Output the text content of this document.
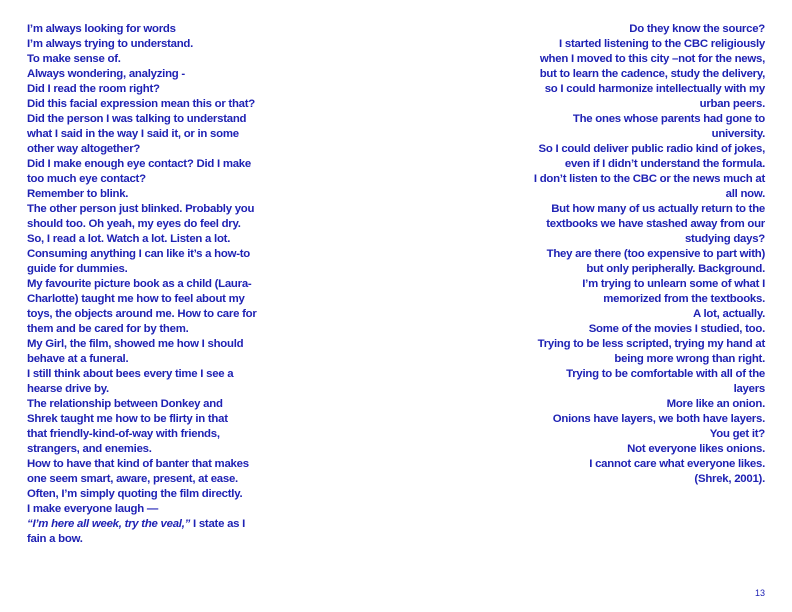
I’m always looking for words
I’m always trying to understand.
To make sense of.
Always wondering, analyzing -
Did I read the room right?
Did this facial expression mean this or that?
Did the person I was talking to understand
what I said in the way I said it, or in some
other way altogether?
Did I make enough eye contact? Did I make
too much eye contact?
Remember to blink.
The other person just blinked. Probably you
should too. Oh yeah, my eyes do feel dry.
So, I read a lot. Watch a lot. Listen a lot.
Consuming anything I can like it’s a how-to
guide for dummies.
My favourite picture book as a child (Laura-
Charlotte) taught me how to feel about my
toys, the objects around me. How to care for
them and be cared for by them.
My Girl, the film, showed me how I should
behave at a funeral.
I still think about bees every time I see a
hearse drive by.
The relationship between Donkey and
Shrek taught me how to be flirty in that
that friendly-kind-of-way with friends,
strangers, and enemies.
How to have that kind of banter that makes
one seem smart, aware, present, at ease.
Often, I’m simply quoting the film directly.
I make everyone laugh —
“I’m here all week, try the veal,” I state as I
fain a bow.
Do they know the source?
I started listening to the CBC religiously
when I moved to this city –not for the news,
but to learn the cadence, study the delivery,
so I could harmonize intellectually with my
urban peers.
The ones whose parents had gone to
university.
So I could deliver public radio kind of jokes,
even if I didn’t understand the formula.
I don’t listen to the CBC or the news much at
all now.
But how many of us actually return to the
textbooks we have stashed away from our
studying days?
They are there (too expensive to part with)
but only peripherally. Background.
I’m trying to unlearn some of what I
memorized from the textbooks.
A lot, actually.
Some of the movies I studied, too.
Trying to be less scripted, trying my hand at
being more wrong than right.
Trying to be comfortable with all of the
layers
More like an onion.
Onions have layers, we both have layers.
You get it?
Not everyone likes onions.
I cannot care what everyone likes.
(Shrek, 2001).
13
